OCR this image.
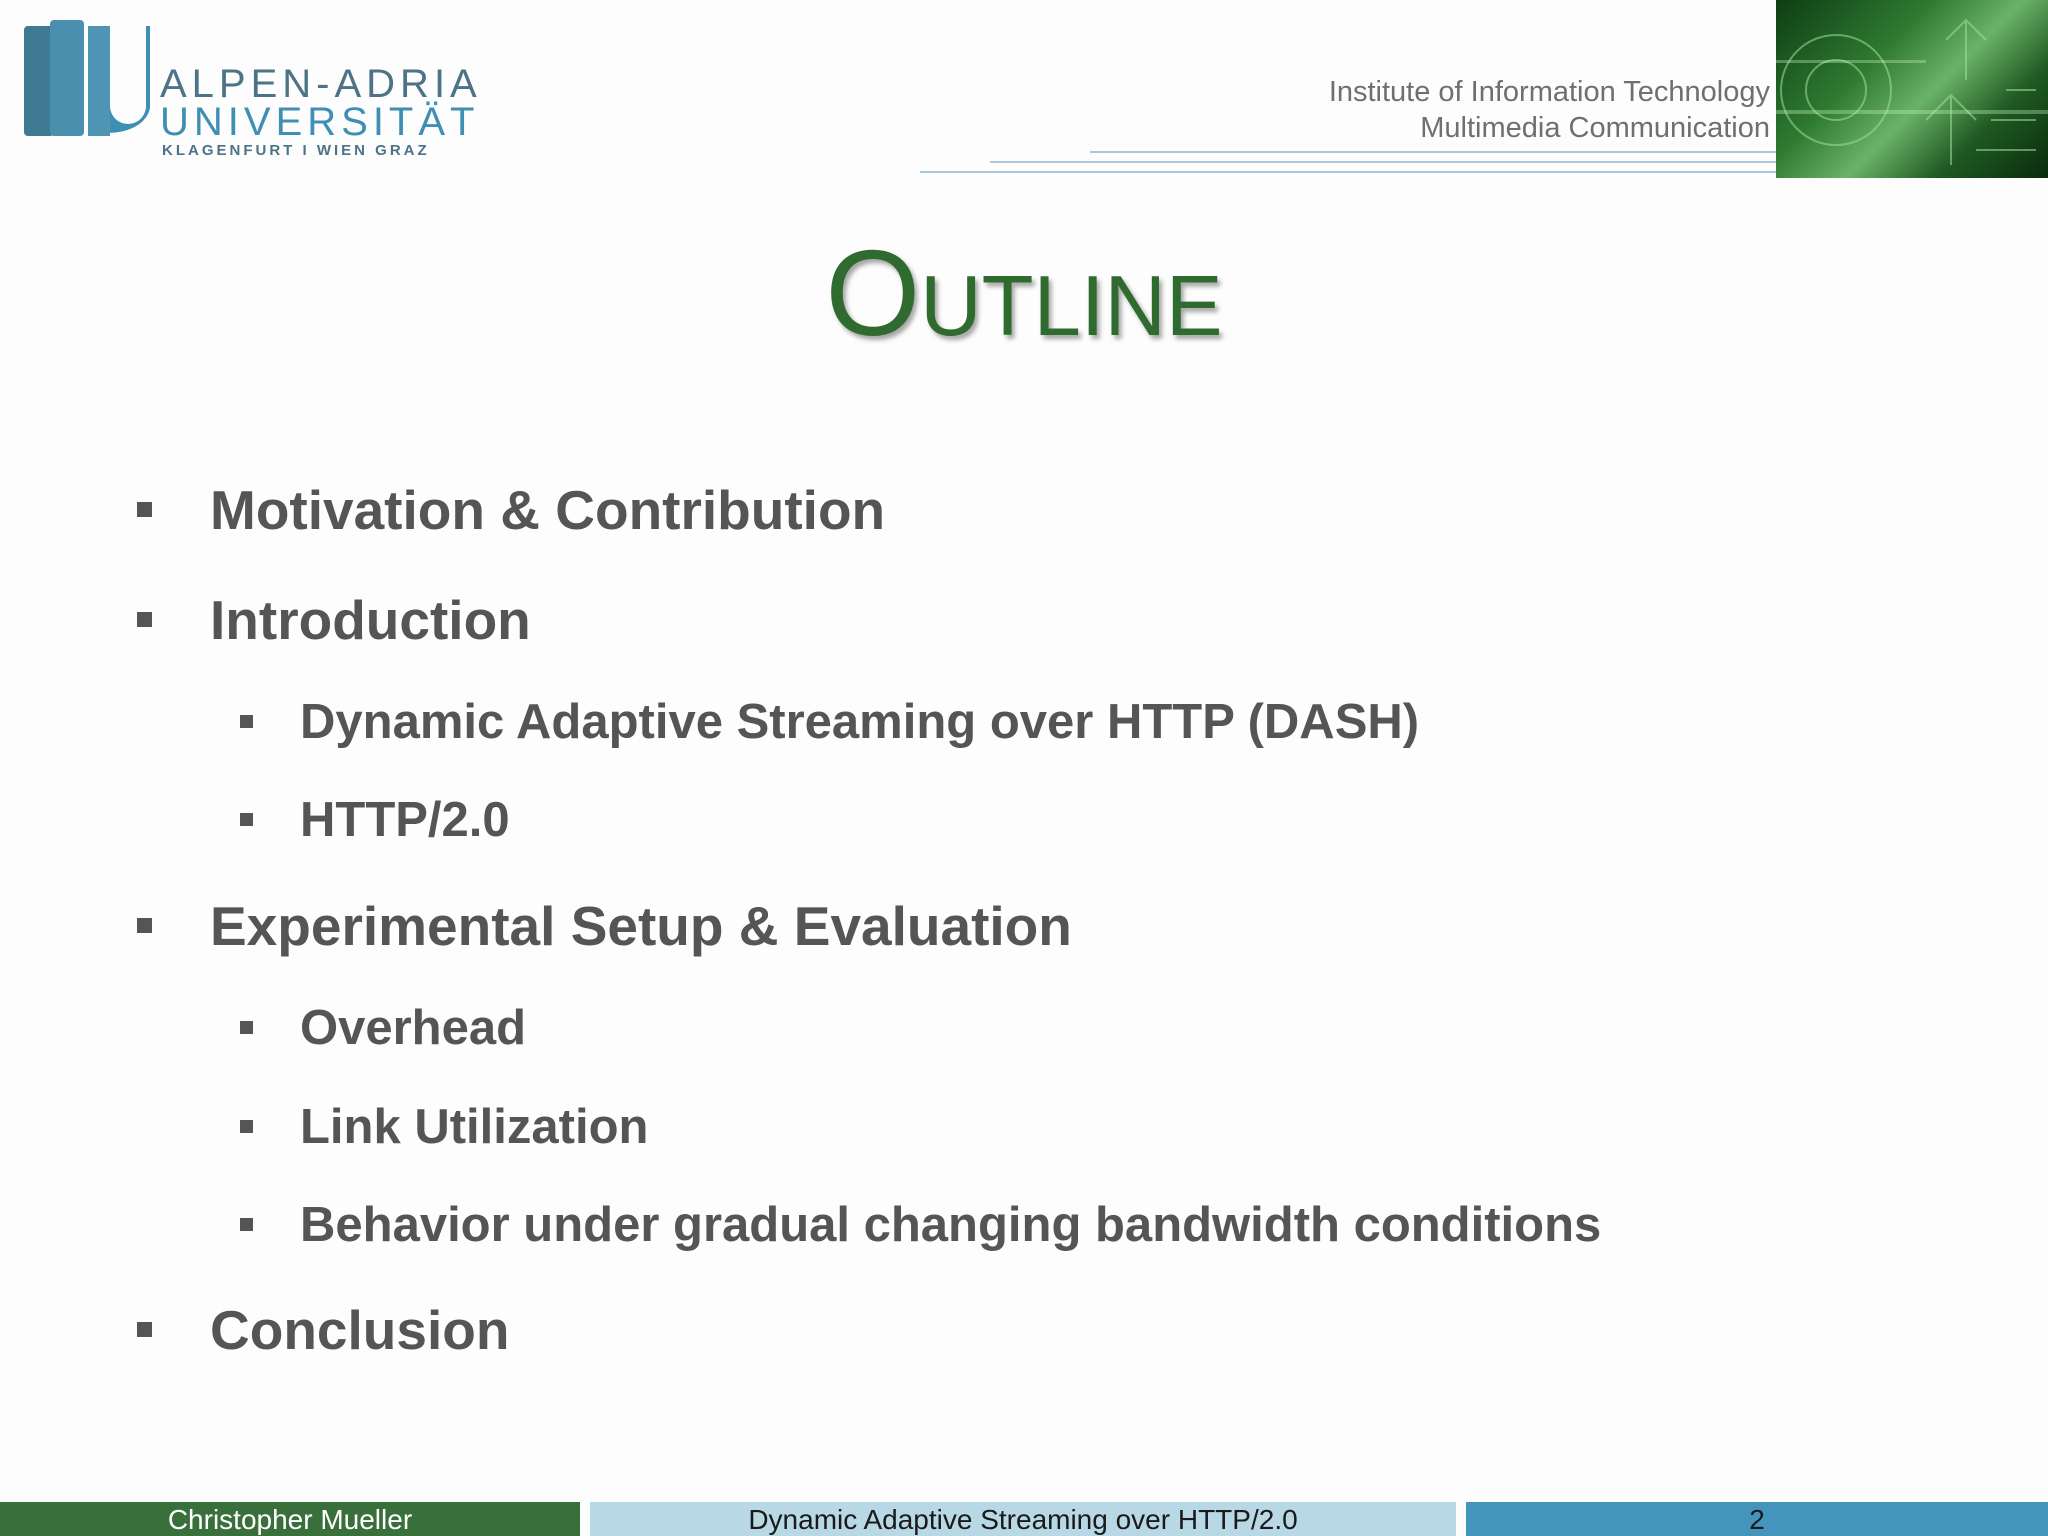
ALPEN-ADRIA
UNIVERSITÄT
KLAGENFURT I WIEN GRAZ
Institute of Information Technology
Multimedia Communication
Outline
Motivation & Contribution
Introduction
Dynamic Adaptive Streaming over HTTP (DASH)
HTTP/2.0
Experimental Setup & Evaluation
Overhead
Link Utilization
Behavior under gradual changing bandwidth conditions
Conclusion
Christopher Mueller	Dynamic Adaptive Streaming over HTTP/2.0	2
